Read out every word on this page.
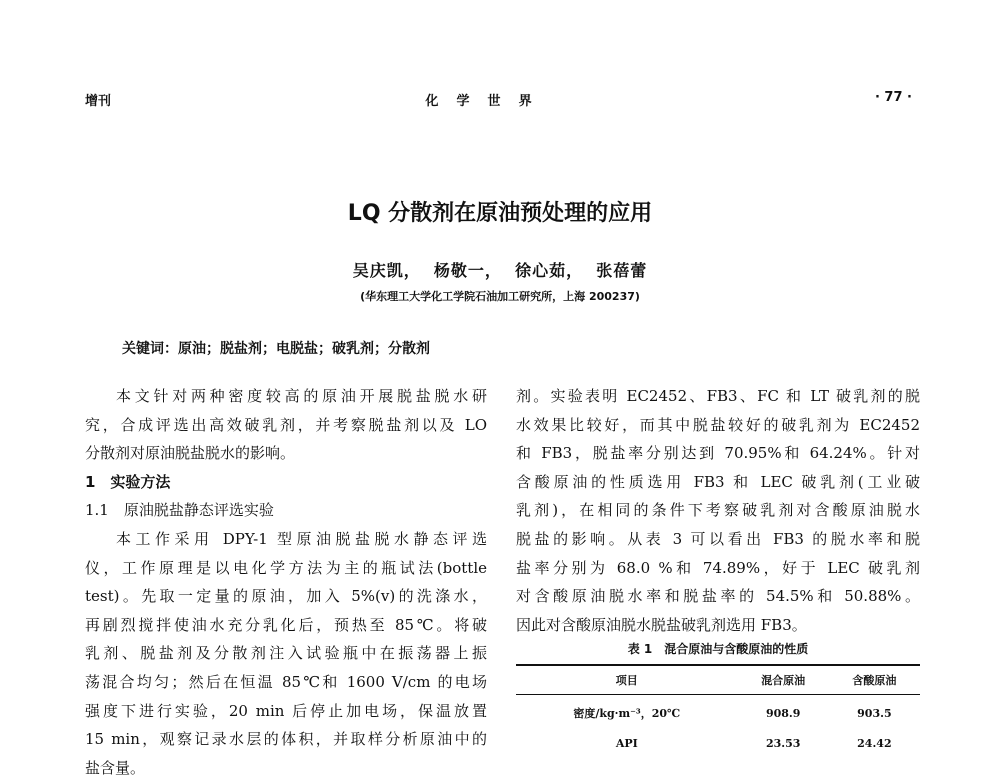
增刊	化  学  世  界	· 77 ·
LQ 分散剂在原油预处理的应用
吴庆凯，  杨敬一，  徐心茹，  张蓓蕾
(华东理工大学化工学院石油加工研究所，上海 200237)
关键词：原油；脱盐剂；电脱盐；破乳剂；分散剂
本文针对两种密度较高的原油开展脱盐脱水研
究，合成评选出高效破乳剂，并考察脱盐剂以及 LO
分散剂对原油脱盐脱水的影响。
1　实验方法
1.1　原油脱盐静态评选实验
本工作采用 DPY-1 型原油脱盐脱水静态评选
仪，工作原理是以电化学方法为主的瓶试法(bottle
test)。先取一定量的原油，加入 5%(v)的洗涤水，
再剧烈搅拌使油水充分乳化后，预热至 85℃。将破
乳剂、脱盐剂及分散剂注入试验瓶中在振荡器上振
荡混合均匀；然后在恒温 85℃和 1600 V/cm 的电场
强度下进行实验，20 min 后停止加电场，保温放置
15 min，观察记录水层的体积，并取样分析原油中的
盐含量。
剂。实验表明 EC2452、FB3、FC 和 LT 破乳剂的脱
水效果比较好，而其中脱盐较好的破乳剂为 EC2452
和 FB3，脱盐率分别达到 70.95%和 64.24%。针对
含酸原油的性质选用 FB3 和 LEC 破乳剂(工业破
乳剂)，在相同的条件下考察破乳剂对含酸原油脱水
脱盐的影响。从表 3 可以看出 FB3 的脱水率和脱
盐率分别为 68.0 %和 74.89%，好于 LEC 破乳剂
对含酸原油脱水率和脱盐率的 54.5%和 50.88%。
因此对含酸原油脱水脱盐破乳剂选用 FB3。
表 1　混合原油与含酸原油的性质
项目	混合原油	含酸原油
密度/kg·m⁻³，20℃	908.9	903.5
API	23.53	24.42
